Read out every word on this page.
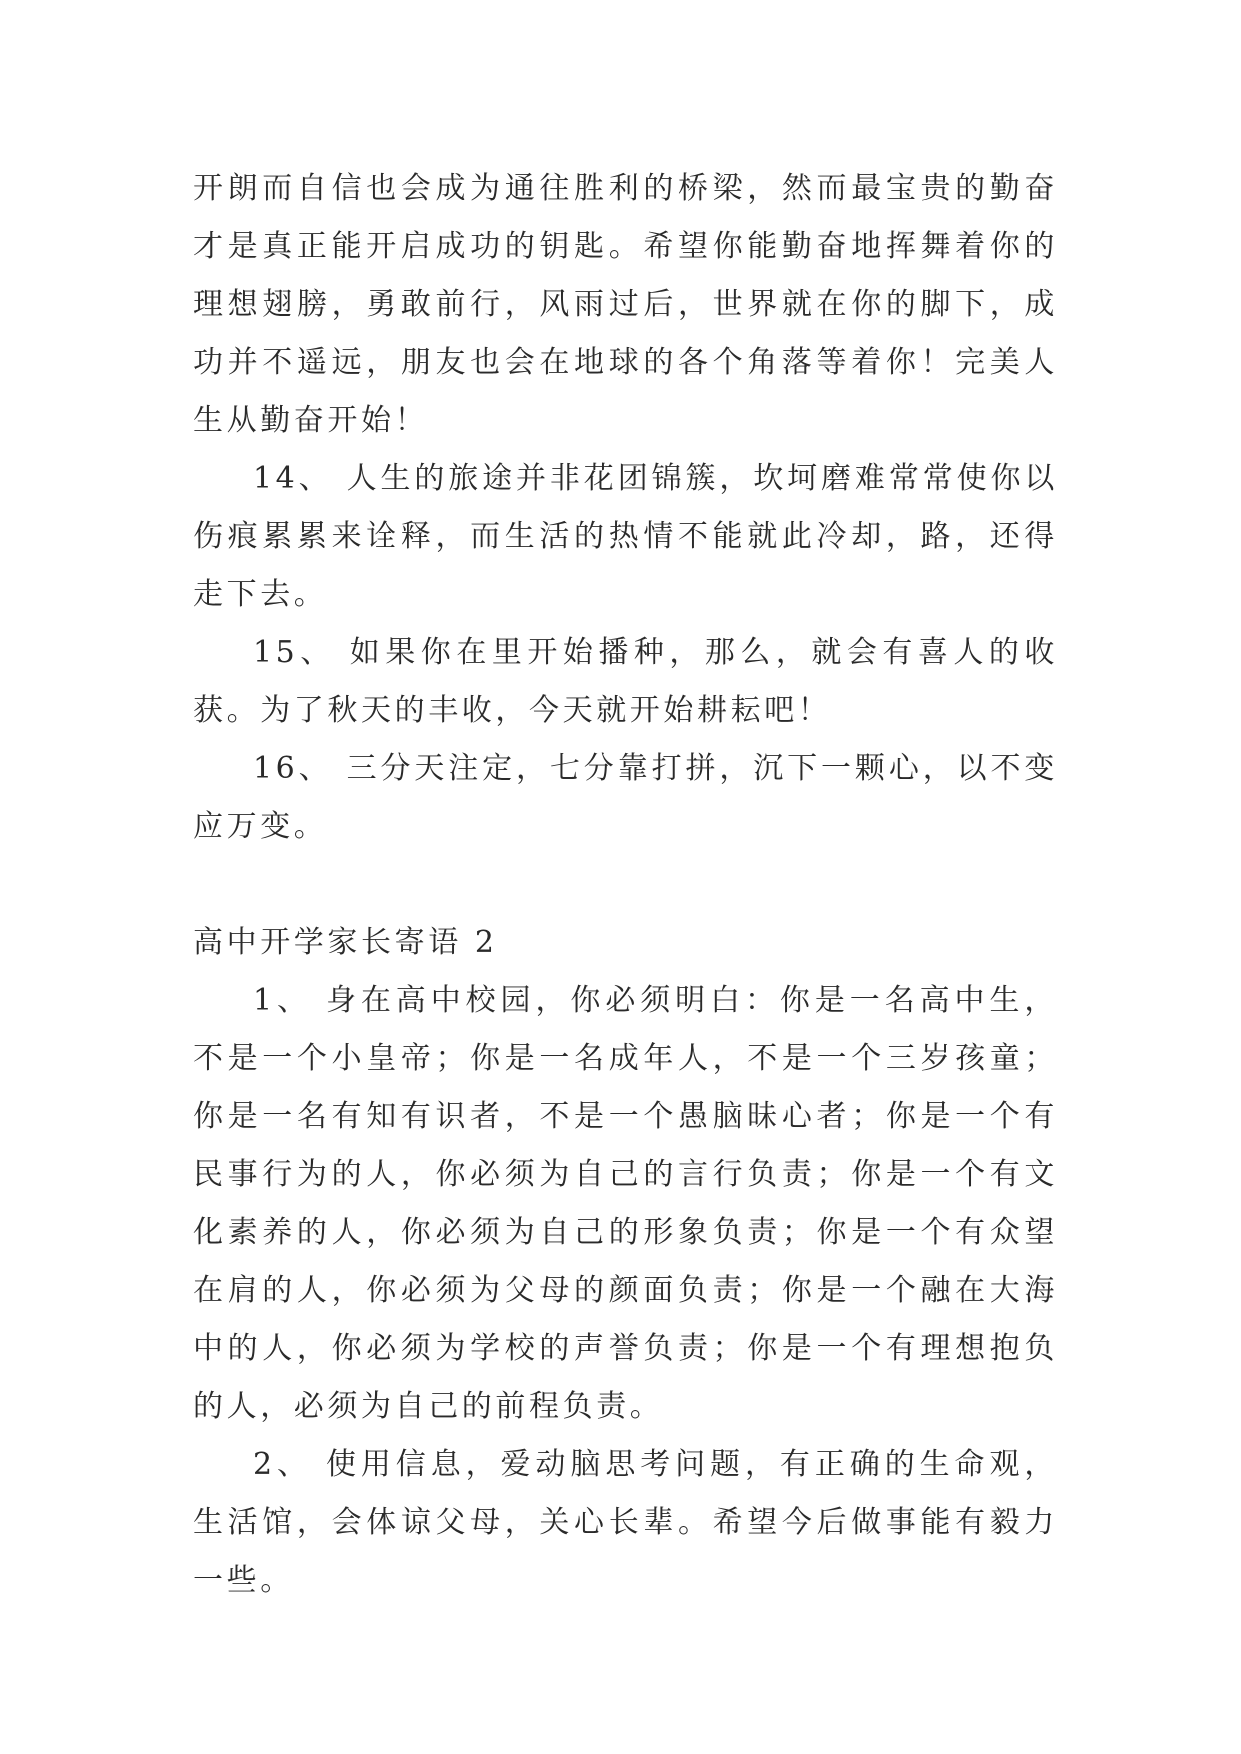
开朗而自信也会成为通往胜利的桥梁，然而最宝贵的勤奋才是真正能开启成功的钥匙。希望你能勤奋地挥舞着你的理想翅膀，勇敢前行，风雨过后，世界就在你的脚下，成功并不遥远，朋友也会在地球的各个角落等着你！完美人生从勤奋开始！

14、 人生的旅途并非花团锦簇，坎坷磨难常常使你以伤痕累累来诠释，而生活的热情不能就此冷却，路，还得走下去。

15、 如果你在里开始播种，那么，就会有喜人的收获。为了秋天的丰收，今天就开始耕耘吧！

16、 三分天注定，七分靠打拼，沉下一颗心，以不变应万变。

高中开学家长寄语 2

1、 身在高中校园，你必须明白：你是一名高中生，不是一个小皇帝；你是一名成年人，不是一个三岁孩童；你是一名有知有识者，不是一个愚脑昧心者；你是一个有民事行为的人，你必须为自己的言行负责；你是一个有文化素养的人，你必须为自己的形象负责；你是一个有众望在肩的人，你必须为父母的颜面负责；你是一个融在大海中的人，你必须为学校的声誉负责；你是一个有理想抱负的人，必须为自己的前程负责。

2、 使用信息，爱动脑思考问题，有正确的生命观，生活馆，会体谅父母，关心长辈。希望今后做事能有毅力一些。
